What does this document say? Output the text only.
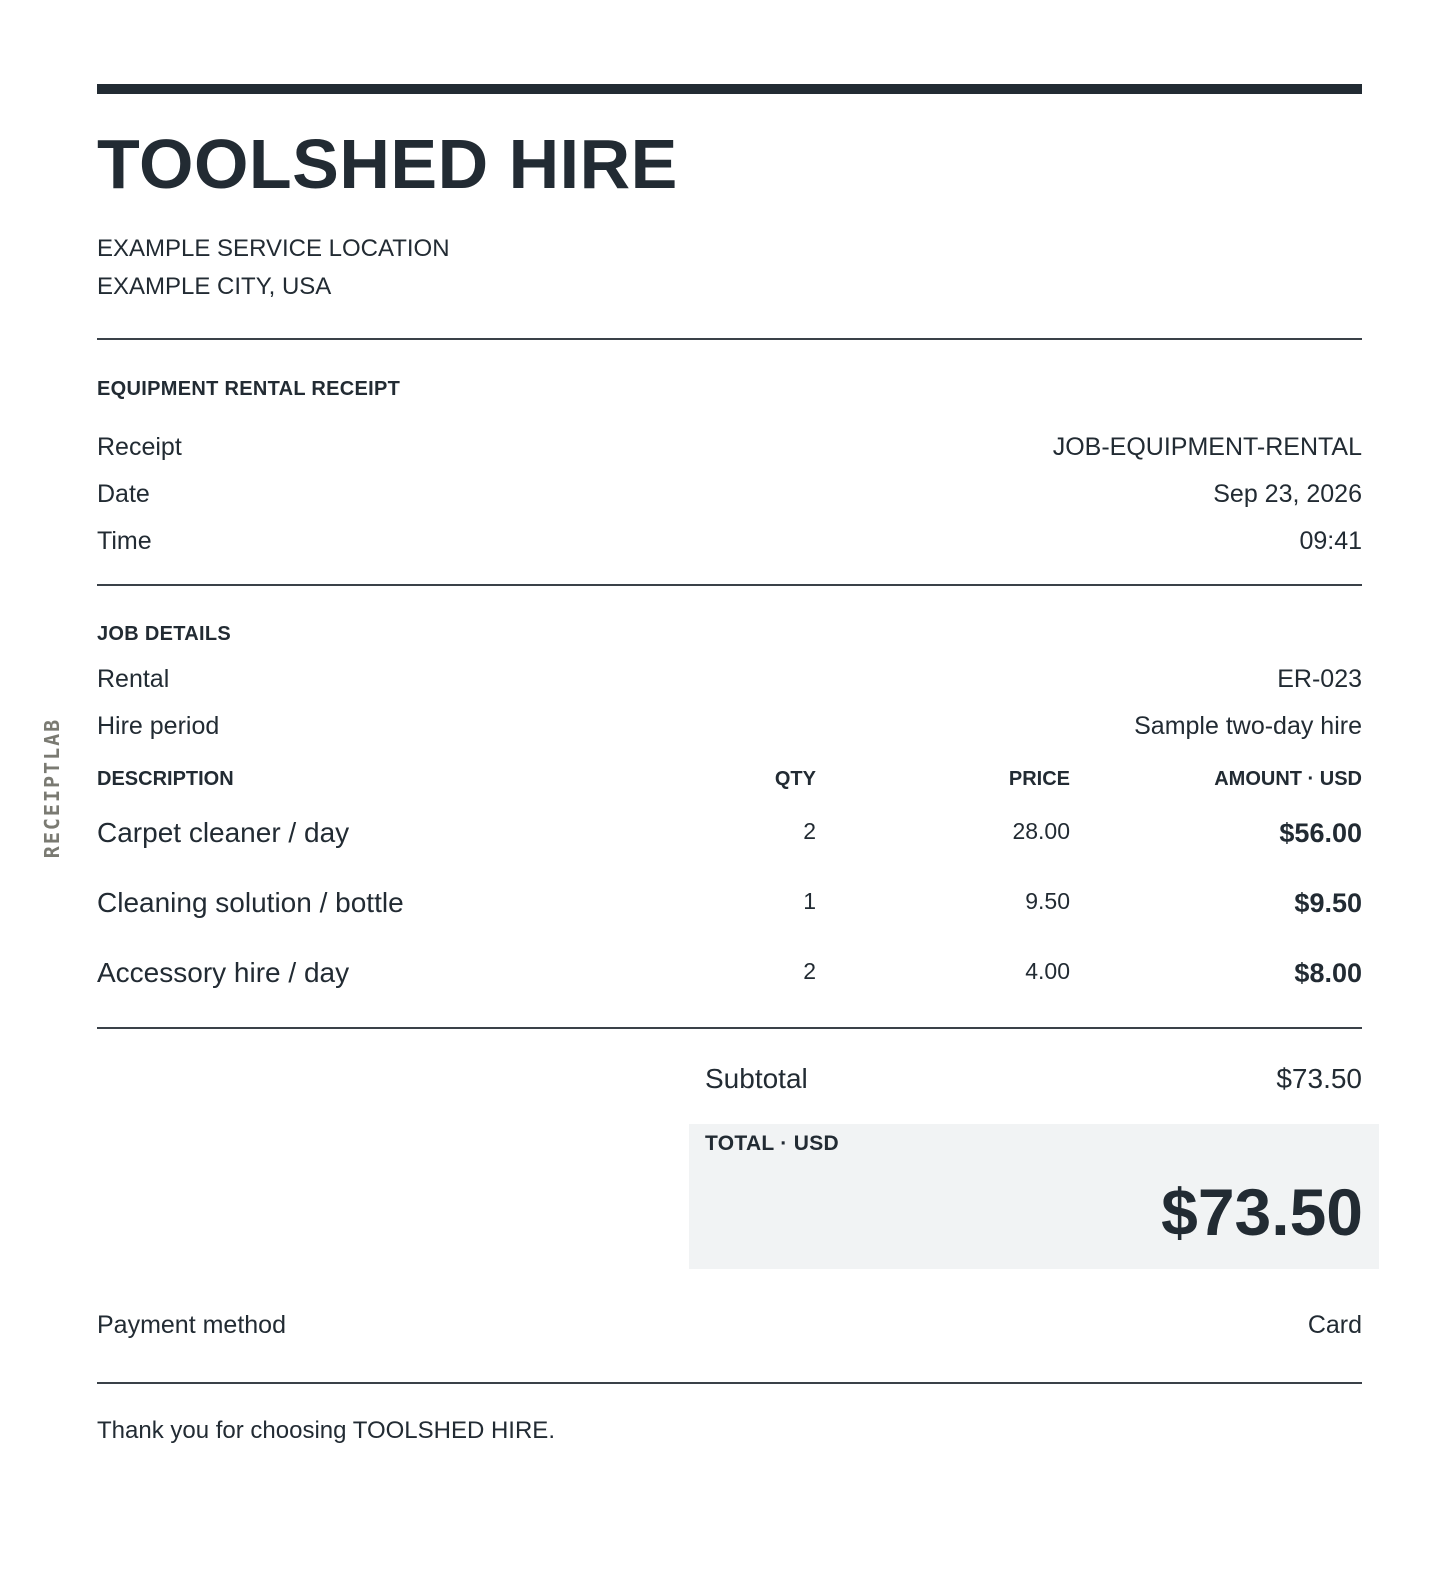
RECEIPTLAB
TOOLSHED HIRE
EXAMPLE SERVICE LOCATION
EXAMPLE CITY, USA
EQUIPMENT RENTAL RECEIPT
Receipt	JOB-EQUIPMENT-RENTAL
Date	Sep 23, 2026
Time	09:41
JOB DETAILS
Rental	ER-023
Hire period	Sample two-day hire
DESCRIPTION	QTY	PRICE	AMOUNT · USD
Carpet cleaner / day	2	28.00	$56.00
Cleaning solution / bottle	1	9.50	$9.50
Accessory hire / day	2	4.00	$8.00
Subtotal	$73.50
TOTAL · USD
$73.50
Payment method	Card
Thank you for choosing TOOLSHED HIRE.
